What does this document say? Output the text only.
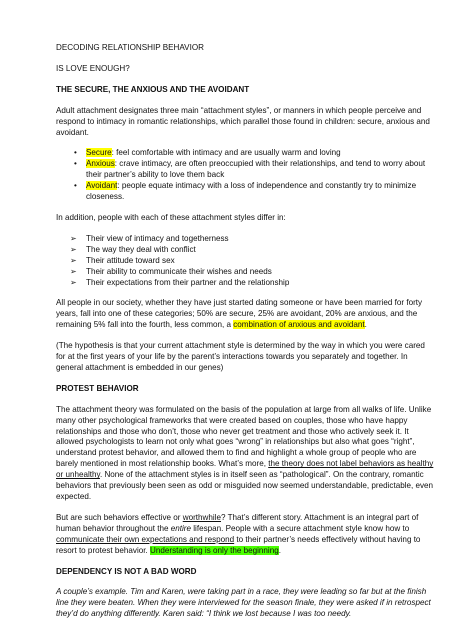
DECODING RELATIONSHIP BEHAVIOR

IS LOVE ENOUGH?

THE SECURE, THE ANXIOUS AND THE AVOIDANT

Adult attachment designates three main “attachment styles”, or manners in which people perceive and respond to intimacy in romantic relationships, which parallel those found in children: secure, anxious and avoidant.

• Secure: feel comfortable with intimacy and are usually warm and loving
• Anxious: crave intimacy, are often preoccupied with their relationships, and tend to worry about their partner’s ability to love them back
• Avoidant: people equate intimacy with a loss of independence and constantly try to minimize closeness.

In addition, people with each of these attachment styles differ in:

➢ Their view of intimacy and togetherness
➢ The way they deal with conflict
➢ Their attitude toward sex
➢ Their ability to communicate their wishes and needs
➢ Their expectations from their partner and the relationship

All people in our society, whether they have just started dating someone or have been married for forty years, fall into one of these categories; 50% are secure, 25% are avoidant, 20% are anxious, and the remaining 5% fall into the fourth, less common, a combination of anxious and avoidant.

(The hypothesis is that your current attachment style is determined by the way in which you were cared for at the first years of your life by the parent’s interactions towards you separately and together. In general attachment is embedded in our genes)

PROTEST BEHAVIOR

The attachment theory was formulated on the basis of the population at large from all walks of life. Unlike many other psychological frameworks that were created based on couples, those who have happy relationships and those who don’t, those who never get treatment and those who actively seek it. It allowed psychologists to learn not only what goes “wrong” in relationships but also what goes “right”, understand protest behavior, and allowed them to find and highlight a whole group of people who are barely mentioned in most relationship books. What’s more, the theory does not label behaviors as healthy or unhealthy. None of the attachment styles is in itself seen as “pathological”. On the contrary, romantic behaviors that previously been seen as odd or misguided now seemed understandable, predictable, even expected.

But are such behaviors effective or worthwhile? That’s different story. Attachment is an integral part of human behavior throughout the entire lifespan. People with a secure attachment style know how to communicate their own expectations and respond to their partner’s needs effectively without having to resort to protest behavior. Understanding is only the beginning.

DEPENDENCY IS NOT A BAD WORD

A couple’s example. Tim and Karen, were taking part in a race, they were leading so far but at the finish line they were beaten. When they were interviewed for the season finale, they were asked if in retrospect they’d do anything differently. Karen said: “I think we lost because I was too needy.
